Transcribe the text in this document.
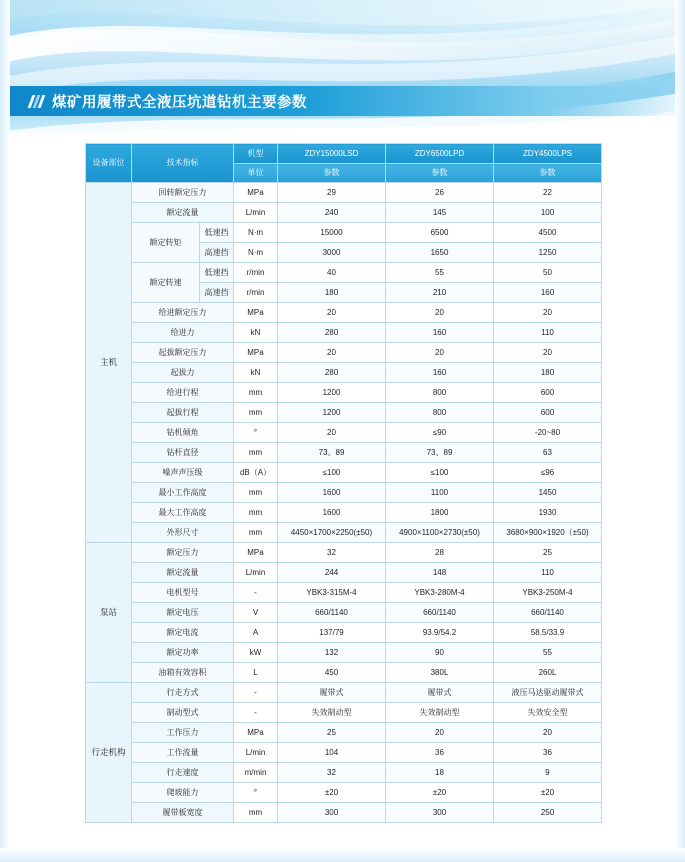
煤矿用履带式全液压坑道钻机主要参数
设备部位	技术指标		机型	ZDY15000LSD	ZDY6500LPD	ZDY4500LPS
			单位	参数	参数	参数
主机	回转额定压力		MPa	29	26	22
	额定流量		L/min	240	145	100
	额定转矩	低速挡	N·m	15000	6500	4500
		高速挡	N·m	3000	1650	1250
	额定转速	低速挡	r/min	40	55	50
		高速挡	r/min	180	210	160
	给进额定压力		MPa	20	20	20
	给进力		kN	280	160	110
	起拔额定压力		MPa	20	20	20
	起拔力		kN	280	160	180
	给进行程		mm	1200	800	600
	起拔行程		mm	1200	800	600
	钻机倾角		°	20	≤90	-20~80
	钻杆直径		mm	73、89	73、89	63
	噪声声压级		dB（A）	≤100	≤100	≤96
	最小工作高度		mm	1600	1100	1450
	最大工作高度		mm	1600	1800	1930
	外形尺寸		mm	4450×1700×2250(±50)	4900×1100×2730(±50)	3680×900×1920（±50)
泵站	额定压力		MPa	32	28	25
	额定流量		L/min	244	148	110
	电机型号		-	YBK3-315M-4	YBK3-280M-4	YBK3-250M-4
	额定电压		V	660/1140	660/1140	660/1140
	额定电流		A	137/79	93.9/54.2	58.5/33.9
	额定功率		kW	132	90	55
	油箱有效容积		L	450	380L	260L
行走机构	行走方式		-	履带式	履带式	液压马达驱动履带式
	制动型式		-	失效制动型	失效制动型	失效安全型
	工作压力		MPa	25	20	20
	工作流量		L/min	104	36	36
	行走速度		m/min	32	18	9
	爬坡能力		°	±20	±20	±20
	履带板宽度		mm	300	300	250
